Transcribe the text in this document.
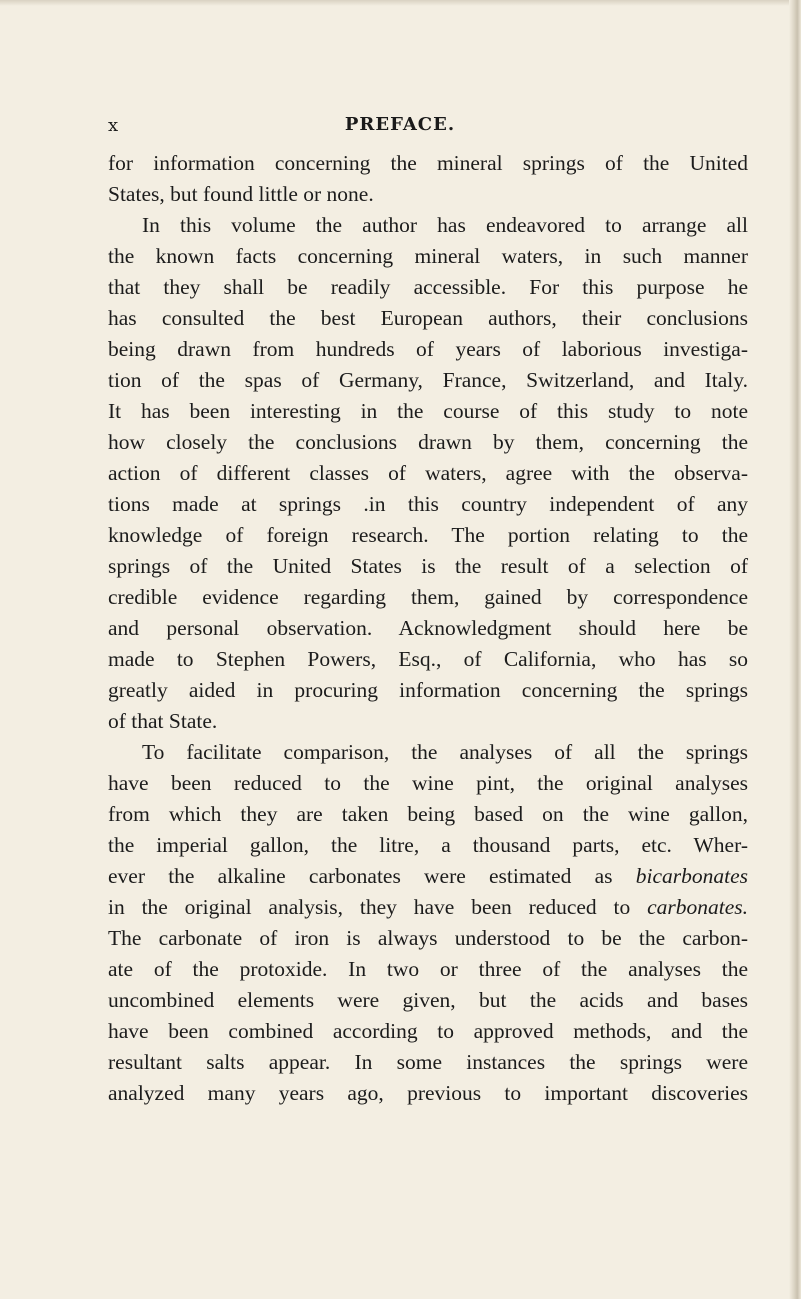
x	PREFACE.
for information concerning the mineral springs of the United
States, but found little or none.
In this volume the author has endeavored to arrange all
the known facts concerning mineral waters, in such manner
that they shall be readily accessible. For this purpose he
has consulted the best European authors, their conclusions
being drawn from hundreds of years of laborious investiga-
tion of the spas of Germany, France, Switzerland, and Italy.
It has been interesting in the course of this study to note
how closely the conclusions drawn by them, concerning the
action of different classes of waters, agree with the observa-
tions made at springs .in this country independent of any
knowledge of foreign research. The portion relating to the
springs of the United States is the result of a selection of
credible evidence regarding them, gained by correspondence
and personal observation. Acknowledgment should here be
made to Stephen Powers, Esq., of California, who has so
greatly aided in procuring information concerning the springs
of that State.
To facilitate comparison, the analyses of all the springs
have been reduced to the wine pint, the original analyses
from which they are taken being based on the wine gallon,
the imperial gallon, the litre, a thousand parts, etc. Wher-
ever the alkaline carbonates were estimated as bicarbonates
in the original analysis, they have been reduced to carbonates.
The carbonate of iron is always understood to be the carbon-
ate of the protoxide. In two or three of the analyses the
uncombined elements were given, but the acids and bases
have been combined according to approved methods, and the
resultant salts appear. In some instances the springs were
analyzed many years ago, previous to important discoveries
